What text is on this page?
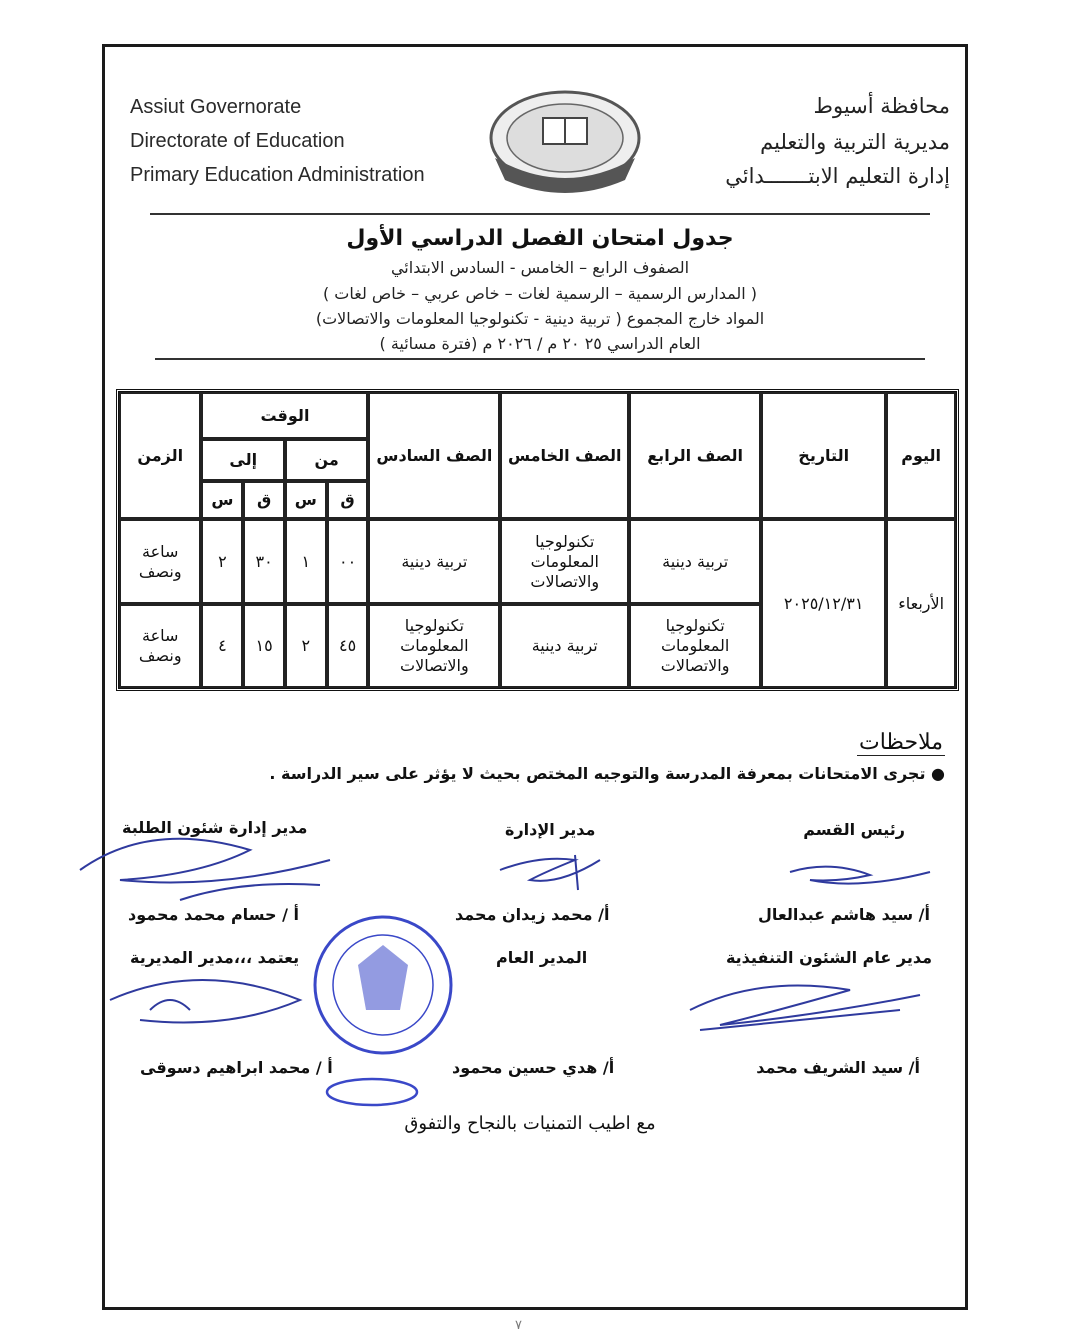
Assiut Governorate
Directorate of Education
Primary Education Administration
محافظة أسيوط
مديرية التربية والتعليم
إدارة التعليم الابتـــــــدائي
جدول امتحان الفصل الدراسي الأول
الصفوف الرابع – الخامس - السادس الابتدائي
( المدارس الرسمية – الرسمية لغات – خاص عربي – خاص لغات )
المواد خارج المجموع ( تربية دينية - تكنولوجيا المعلومات والاتصالات)
العام الدراسي ٢٥ ٢٠ م / ٢٠٢٦ م (فترة مسائية )
اليوم	التاريخ	الصف الرابع	الصف الخامس	الصف السادس	الوقت				الزمن
					من		إلى		
					ق	س	ق	س	
الأربعاء	٢٠٢٥/١٢/٣١	تربية دينية	تكنولوجيا المعلومات والاتصالات	تربية دينية	٠٠	١	٣٠	٢	ساعة ونصف
		تكنولوجيا المعلومات والاتصالات	تربية دينية	تكنولوجيا المعلومات والاتصالات	٤٥	٢	١٥	٤	ساعة ونصف
ملاحظات
● تجرى الامتحانات بمعرفة المدرسة والتوجيه المختص بحيث لا يؤثر على سير الدراسة .
رئيس القسم
مدير الإدارة
مدير إدارة شئون الطلبة
أ/ سيد هاشم عبدالعال
أ/ محمد زيدان محمد
أ / حسام محمد محمود
مدير عام الشئون التنفيذية
المدير العام
يعتمد ،،،مدير المديرية
أ/ سيد الشريف محمد
أ/ هدي حسين محمود
أ / محمد ابراهيم دسوقى
مع اطيب التمنيات بالنجاح والتفوق
٧
